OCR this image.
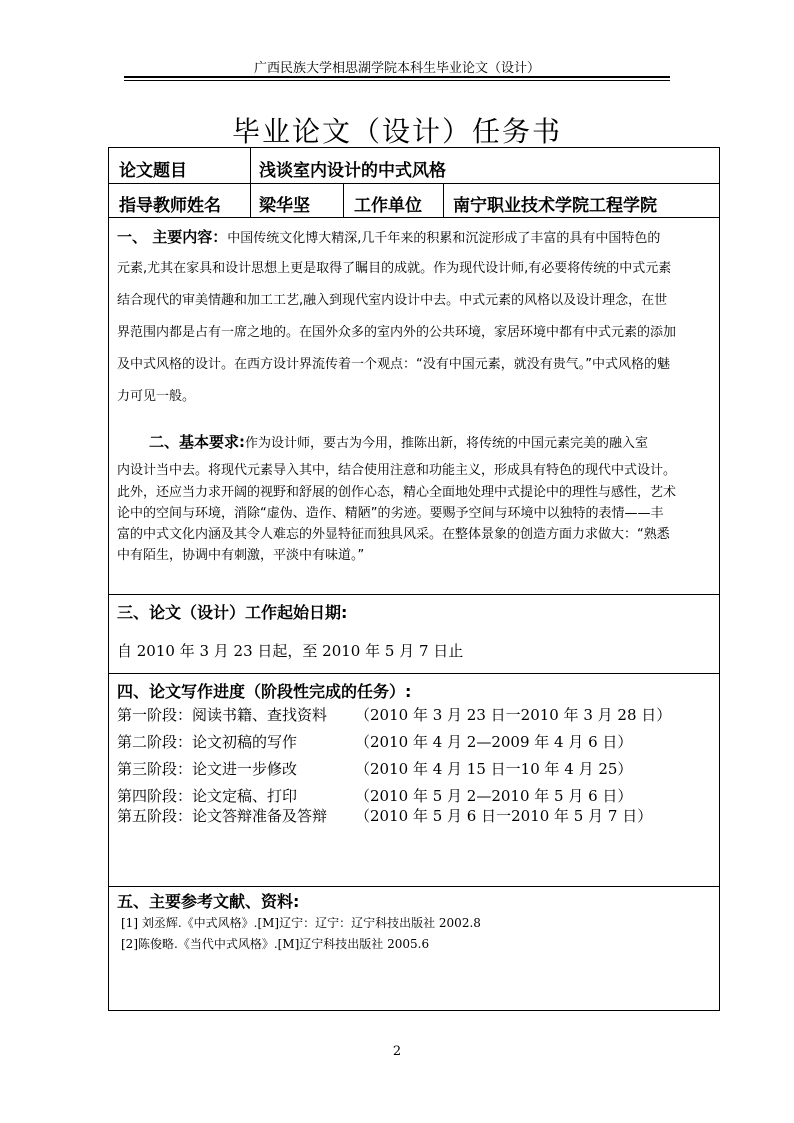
广西民族大学相思湖学院本科生毕业论文（设计）
毕业论文（设计）任务书
论文题目	浅谈室内设计的中式风格
指导教师姓名 梁华坚	工作单位 南宁职业技术学院工程学院
一、 主要内容：中国传统文化博大精深,几千年来的积累和沉淀形成了丰富的具有中国特色的
元素,尤其在家具和设计思想上更是取得了瞩目的成就。作为现代设计师,有必要将传统的中式元素
结合现代的审美情趣和加工工艺,融入到现代室内设计中去。中式元素的风格以及设计理念，在世
界范围内都是占有一席之地的。在国外众多的室内外的公共环境，家居环境中都有中式元素的添加
及中式风格的设计。在西方设计界流传着一个观点：“没有中国元素，就没有贵气。”中式风格的魅
力可见一般。
二、基本要求:作为设计师，要古为今用，推陈出新，将传统的中国元素完美的融入室
内设计当中去。将现代元素导入其中，结合使用注意和功能主义，形成具有特色的现代中式设计。
此外，还应当力求开阔的视野和舒展的创作心态，精心全面地处理中式提论中的理性与感性，艺术
论中的空间与环境，消除“虚伪、造作、精陋”的劣迹。要赐予空间与环境中以独特的表情——丰
富的中式文化内涵及其令人难忘的外显特征而独具风采。在整体景象的创造方面力求做大：“熟悉
中有陌生，协调中有刺激，平淡中有味道。”
三、论文（设计）工作起始日期:
自 2010 年 3 月 23 日起，至 2010 年 5 月 7 日止
四、论文写作进度（阶段性完成的任务）:
第一阶段：阅读书籍、查找资料 （2010 年 3 月 23 日一2010 年 3 月 28 日）
第二阶段：论文初稿的写作	（2010 年 4 月 2—2009 年 4 月 6 日）
第三阶段：论文进一步修改	（2010 年 4 月 15 日一10 年 4 月 25）
第四阶段：论文定稿、打印	（2010 年 5 月 2—2010 年 5 月 6 日）
第五阶段：论文答辩准备及答辩 （2010 年 5 月 6 日一2010 年 5 月 7 日）
五、主要参考文献、资料:
[1] 刘丞辉.《中式风格》.[M]辽宁：辽宁：辽宁科技出版社 2002.8
[2]陈俊略.《当代中式风格》.[M]辽宁科技出版社 2005.6
2
